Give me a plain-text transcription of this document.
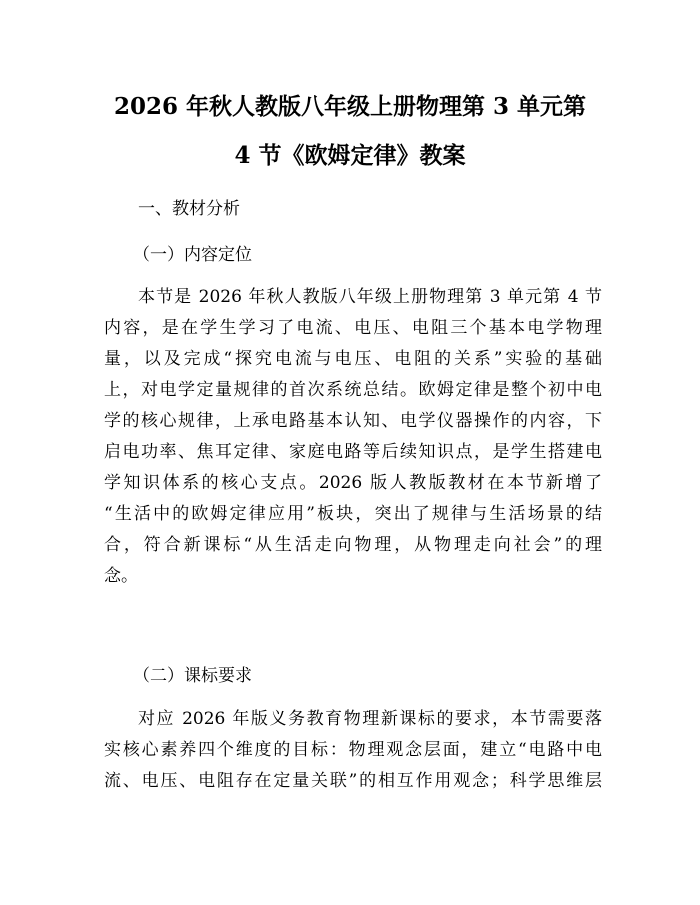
2026 年秋人教版八年级上册物理第 3 单元第
4 节《欧姆定律》教案
一、教材分析
（一）内容定位
本节是 2026 年秋人教版八年级上册物理第 3 单元第 4 节
内容，是在学生学习了电流、电压、电阻三个基本电学物理
量，以及完成“探究电流与电压、电阻的关系”实验的基础
上，对电学定量规律的首次系统总结。欧姆定律是整个初中电
学的核心规律，上承电路基本认知、电学仪器操作的内容，下
启电功率、焦耳定律、家庭电路等后续知识点，是学生搭建电
学知识体系的核心支点。2026 版人教版教材在本节新增了
“生活中的欧姆定律应用”板块，突出了规律与生活场景的结
合，符合新课标“从生活走向物理，从物理走向社会”的理
念。
（二）课标要求
对应 2026 年版义务教育物理新课标的要求，本节需要落
实核心素养四个维度的目标：物理观念层面，建立“电路中电
流、电压、电阻存在定量关联”的相互作用观念；科学思维层
